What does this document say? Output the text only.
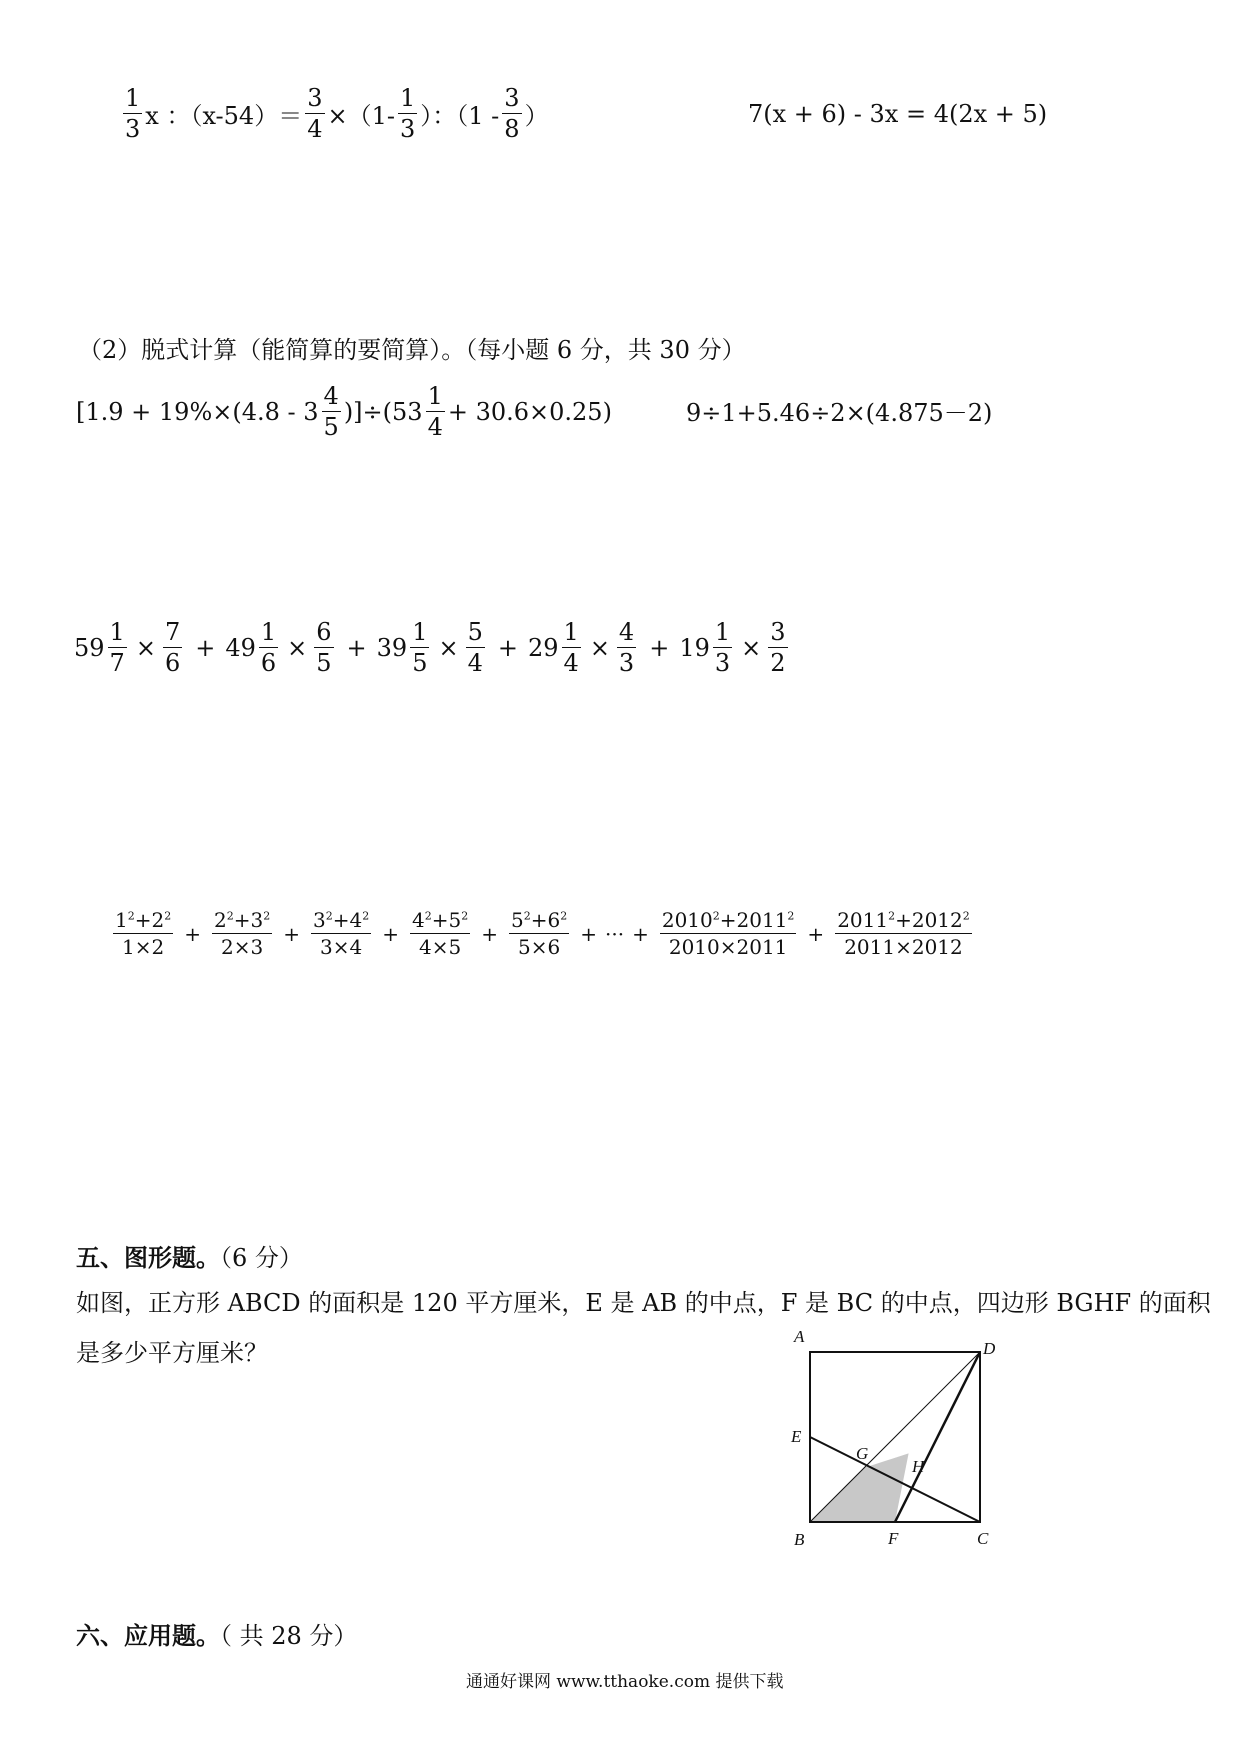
$\frac{1}{3}$ x ：$(x-54)= \frac{3}{4} \times(1- \frac{1}{3}$ ）：（$1 - \frac{3}{8}$ ）	7(x + 6) - 3x = 4(2x + 5)
（2）脱式计算（能简算的要简算）。（每小题 6 分，共 30 分）
$[1.9 + 19\%\times(4.8 - 3 \frac{4}{5} )]\div(53 \frac{1}{4} + 30.6\times 0.25)$	9÷1+5.46÷2×(4.875－2)
$59 \frac{1}{7} \times \frac{7}{6} + 49 \frac{1}{6} \times \frac{6}{5} + 39 \frac{1}{5} \times \frac{5}{4} + 29 \frac{1}{4} \times \frac{4}{3} + 19 \frac{1}{3} \times \frac{3}{2}$
$\frac{1^2+2^2}{1\times 2} + \frac{2^2+3^2}{2\times 3} + \frac{3^2+4^2}{3\times 4} + \frac{4^2+5^2}{4\times 5} + \frac{5^2+6^2}{5\times 6}$ + ··· + $\frac{2010^2+2011^2}{2010\times 2011} + \frac{2011^2+2012^2}{2011\times 2012}$
五、图形题。（6 分）
如图，正方形 ABCD 的面积是 120 平方厘米，E 是 AB 的中点，F 是 BC 的中点，四边形 BGHF 的面积
是多少平方厘米？
A
D
E
G
H
B	F	C
六、应用题。（ 共 28 分）
通通好课网 www.tthaoke.com 提供下载
